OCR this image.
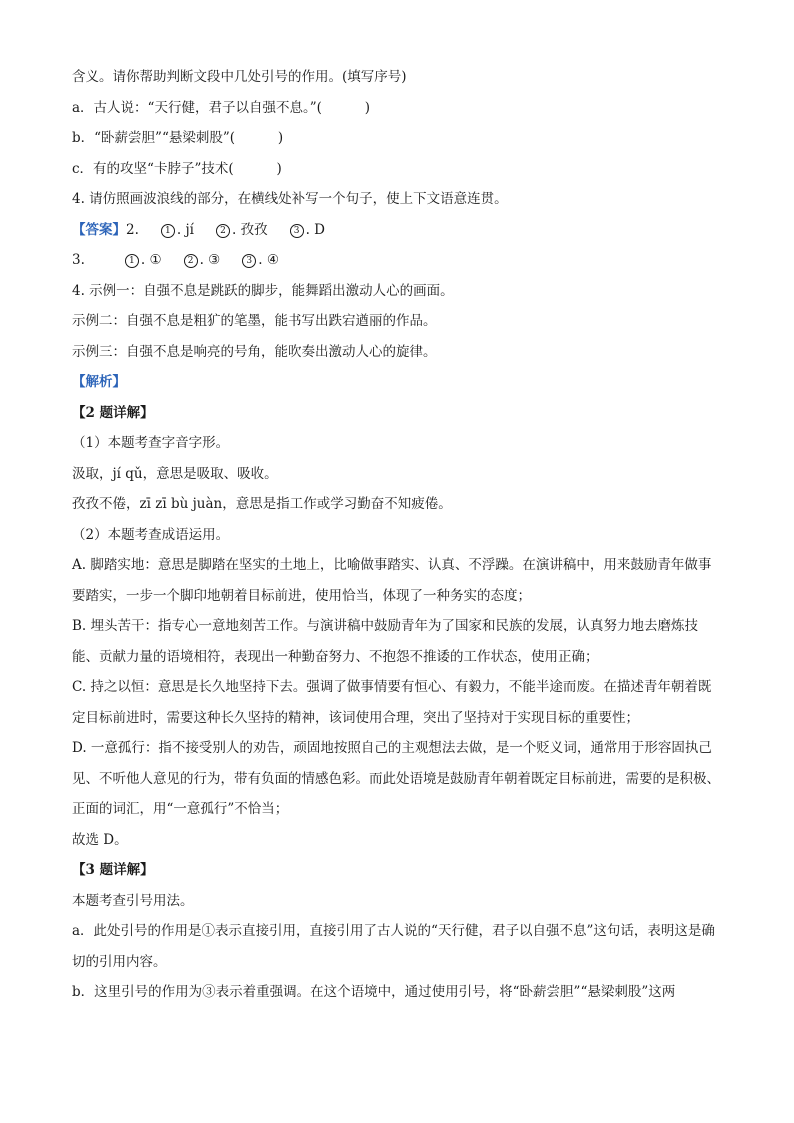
含义。请你帮助判断文段中几处引号的作用。(填写序号)
a．古人说：“天行健，君子以自强不息。”(          )
b．“卧薪尝胆”“悬梁刺股”(          )
c．有的攻坚“卡脖子”技术(          )
4. 请仿照画波浪线的部分，在横线处补写一个句子，使上下文语意连贯。
【答案】2.	1 . jí	2 . 孜孜	3 . D
3.	1 . ①	2 . ③	3 . ④
4. 示例一：自强不息是跳跃的脚步，能舞蹈出激动人心的画面。
示例二：自强不息是粗犷的笔墨，能书写出跌宕遒丽的作品。
示例三：自强不息是响亮的号角，能吹奏出激动人心的旋律。
【解析】
【2 题详解】
（1）本题考查字音字形。
汲取，jí qǔ，意思是吸取、吸收。
孜孜不倦，zī zī bù juàn，意思是指工作或学习勤奋不知疲倦。
（2）本题考查成语运用。
A. 脚踏实地：意思是脚踏在坚实的土地上，比喻做事踏实、认真、不浮躁。在演讲稿中，用来鼓励青年做事要踏实，一步一个脚印地朝着目标前进，使用恰当，体现了一种务实的态度；
B. 埋头苦干：指专心一意地刻苦工作。与演讲稿中鼓励青年为了国家和民族的发展，认真努力地去磨炼技能、贡献力量的语境相符，表现出一种勤奋努力、不抱怨不推诿的工作状态，使用正确；
C. 持之以恒：意思是长久地坚持下去。强调了做事情要有恒心、有毅力，不能半途而废。在描述青年朝着既定目标前进时，需要这种长久坚持的精神，该词使用合理，突出了坚持对于实现目标的重要性；
D. 一意孤行：指不接受别人的劝告，顽固地按照自己的主观想法去做，是一个贬义词，通常用于形容固执己见、不听他人意见的行为，带有负面的情感色彩。而此处语境是鼓励青年朝着既定目标前进，需要的是积极、正面的词汇，用“一意孤行”不恰当；
故选 D。
【3 题详解】
本题考查引号用法。
a．此处引号的作用是①表示直接引用，直接引用了古人说的“天行健，君子以自强不息”这句话，表明这是确切的引用内容。
b．这里引号的作用为③表示着重强调。在这个语境中，通过使用引号，将“卧薪尝胆”“悬梁刺股”这两
